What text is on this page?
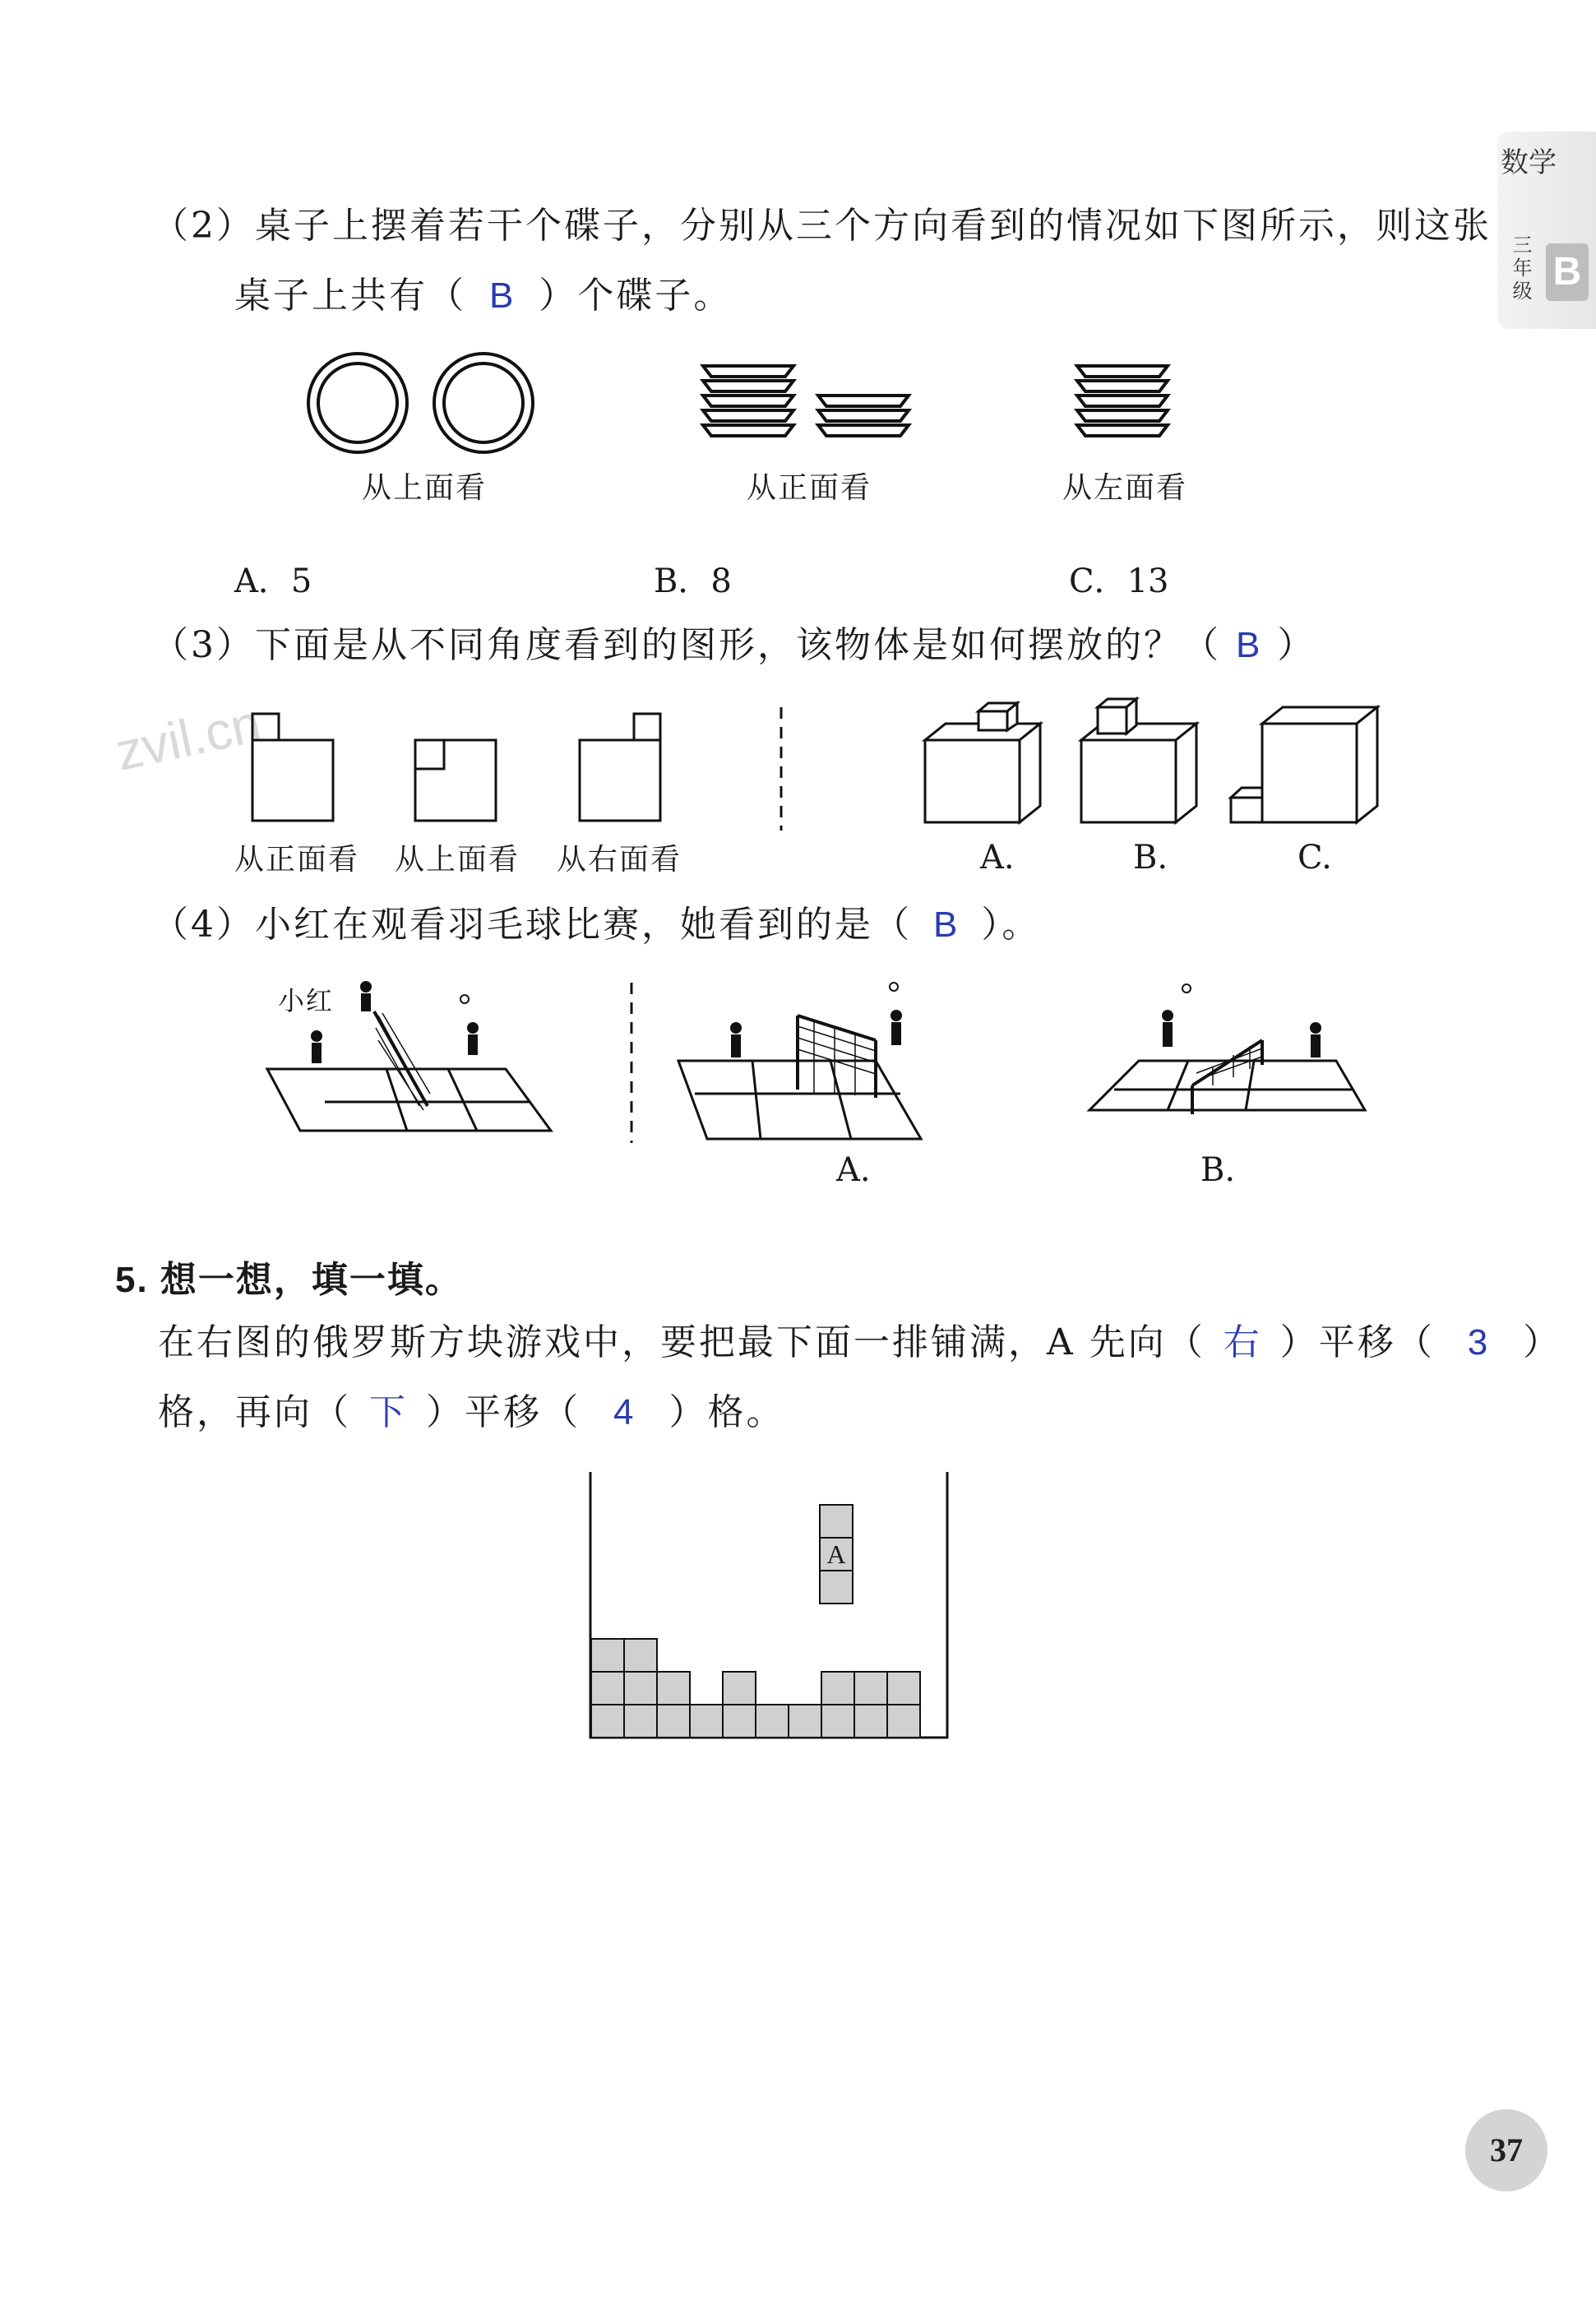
数学
三年级 B
zvil.cn
（2）桌子上摆着若干个碟子，分别从三个方向看到的情况如下图所示，则这张
桌子上共有（ B ）个碟子。
从上面看	从正面看	从左面看
A．5	B．8	C．13
（3）下面是从不同角度看到的图形，该物体是如何摆放的？（ B ）
从正面看 从上面看 从右面看	A.	B.	C.
（4）小红在观看羽毛球比赛，她看到的是（ B ）。
小红
A.	B.
5. 想一想，填一填。
在右图的俄罗斯方块游戏中，要把最下面一排铺满，A 先向（ 右 ）平移（ 3 ）
格，再向（ 下 ）平移（ 4 ）格。
A
37
